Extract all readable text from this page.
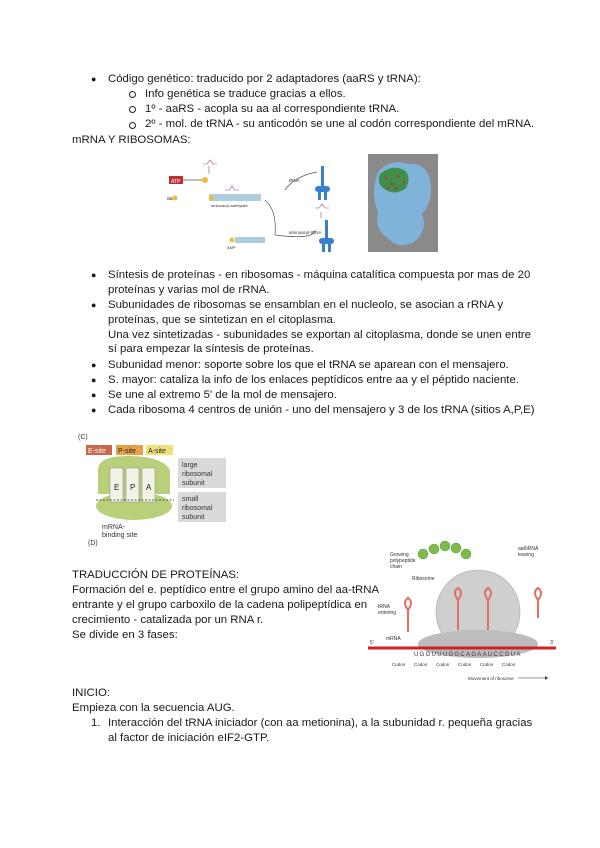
● Código genético: traducido por 2 adaptadores (aaRS y tRNA):
Info genética se traduce gracias a ellos.
1º - aaRS - acopla su aa al correspondiente tRNA.
2º - mol. de tRNA - su anticodón se une al codón correspondiente del mRNA.
mRNA Y RIBOSOMAS:
ATP
aa
aminoacyl-adenylate
AMP
tRNA
aminoacyl-tRNA
● Síntesis de proteínas - en ribosomas - máquina catalítica compuesta por mas de 20
proteínas y varias mol de rRNA.
● Subunidades de ribosomas se ensamblan en el nucleolo, se asocian a rRNA y
proteínas, que se sintetizan en el citoplasma.
Una vez sintetizadas - subunidades se exportan al citoplasma, donde se unen entre
sí para empezar la síntesis de proteínas.
● Subunidad menor: soporte sobre los que el tRNA se aparean con el mensajero.
● S. mayor: cataliza la info de los enlaces peptídicos entre aa y el péptido naciente.
● Se une al extremo 5' de la mol de mensajero.
● Cada ribosoma 4 centros de unión - uno del mensajero y 3 de los tRNA (sitios A,P,E)
(C)
E-site P-site A-site
E P A
large
ribosomal
subunit
small
ribosomal
subunit
mRNA-
binding site
(D)
TRADUCCIÓN DE PROTEÍNAS:
Formación del e. peptídico entre el grupo amino del aa-tRNA
entrante y el grupo carboxilo de la cadena polipeptídica en
crecimiento - catalizada por un RNA r.
Se divide en 3 fases:
Growing
polypeptide
chain
aa6tRNA
leaving
Ribosome
tRNA
entering
5'	3'
mRNA
UGGUUUGGCAGAAUCCGUA
Codon Codon Codon Codon Codon Codon
Movement of ribosome
INICIO:
Empieza con la secuencia AUG.
1. Interacción del tRNA iniciador (con aa metionina), a la subunidad r. pequeña gracias
al factor de iniciación eIF2-GTP.
